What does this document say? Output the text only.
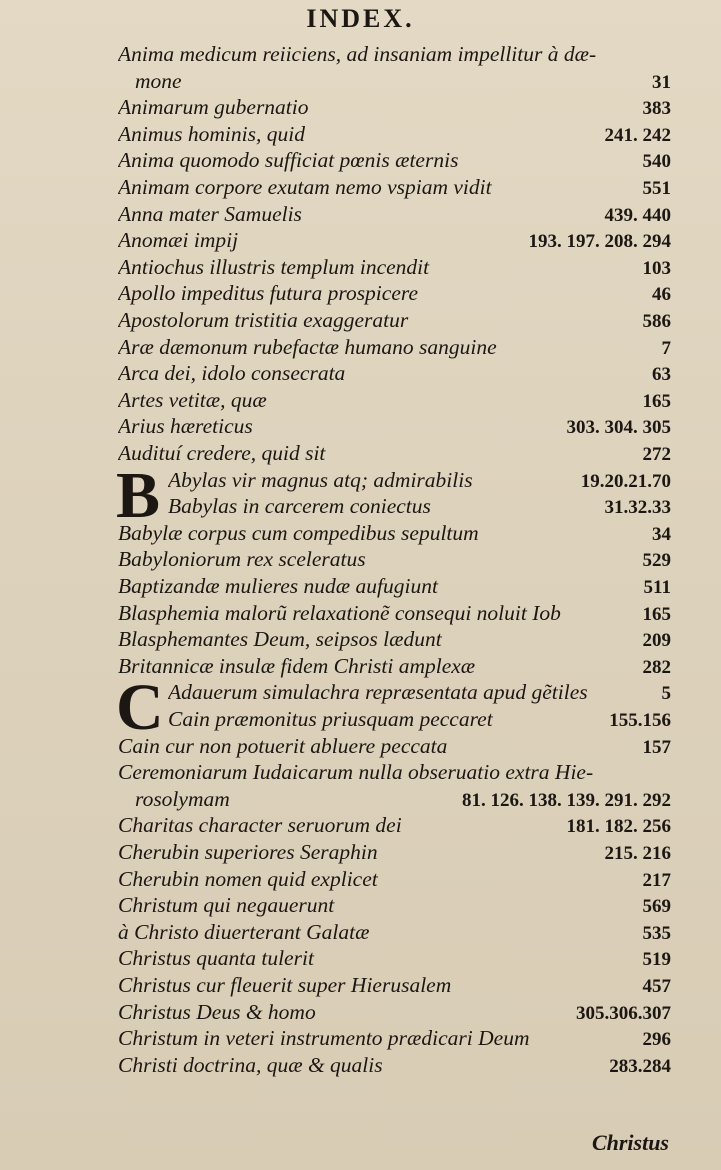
INDEX.
Anima medicum reiiciens, ad insaniam impellitur à dæ-
mone	31
Animarum gubernatio	383
Animus hominis, quid	241. 242
Anima quomodo sufficiat pœnis æternis	540
Animam corpore exutam nemo vspiam vidit	551
Anna mater Samuelis	439. 440
Anomæi impij	193. 197. 208. 294
Antiochus illustris templum incendit	103
Apollo impeditus futura prospicere	46
Apostolorum tristitia exaggeratur	586
Aræ dæmonum rubefactæ humano sanguine	7
Arca dei, idolo consecrata	63
Artes vetitæ, quæ	165
Arius hæreticus	303. 304. 305
Audituí credere, quid sit	272
Abylas vir magnus atq; admirabilis	19.20.21.70
Babylas in carcerem coniectus	31.32.33
Babylæ corpus cum compedibus sepultum	34
Babyloniorum rex sceleratus	529
Baptizandæ mulieres nudæ aufugiunt	511
Blasphemia malorũ relaxationẽ consequi noluit Iob	165
Blasphemantes Deum, seipsos lædunt	209
Britannicæ insulæ fidem Christi amplexæ	282
Adauerum simulachra repræsentata apud gẽtiles	5
Cain præmonitus priusquam peccaret	155.156
Cain cur non potuerit abluere peccata	157
Ceremoniarum Iudaicarum nulla obseruatio extra Hie-
rosolymam	81. 126. 138. 139. 291. 292
Charitas character seruorum dei	181. 182. 256
Cherubin superiores Seraphin	215. 216
Cherubin nomen quid explicet	217
Christum qui negauerunt	569
à Christo diuerterant Galatæ	535
Christus quanta tulerit	519
Christus cur fleuerit super Hierusalem	457
Christus Deus & homo	305.306.307
Christum in veteri instrumento prædicari Deum	296
Christi doctrina, quæ & qualis	283.284
B
C
Christus
